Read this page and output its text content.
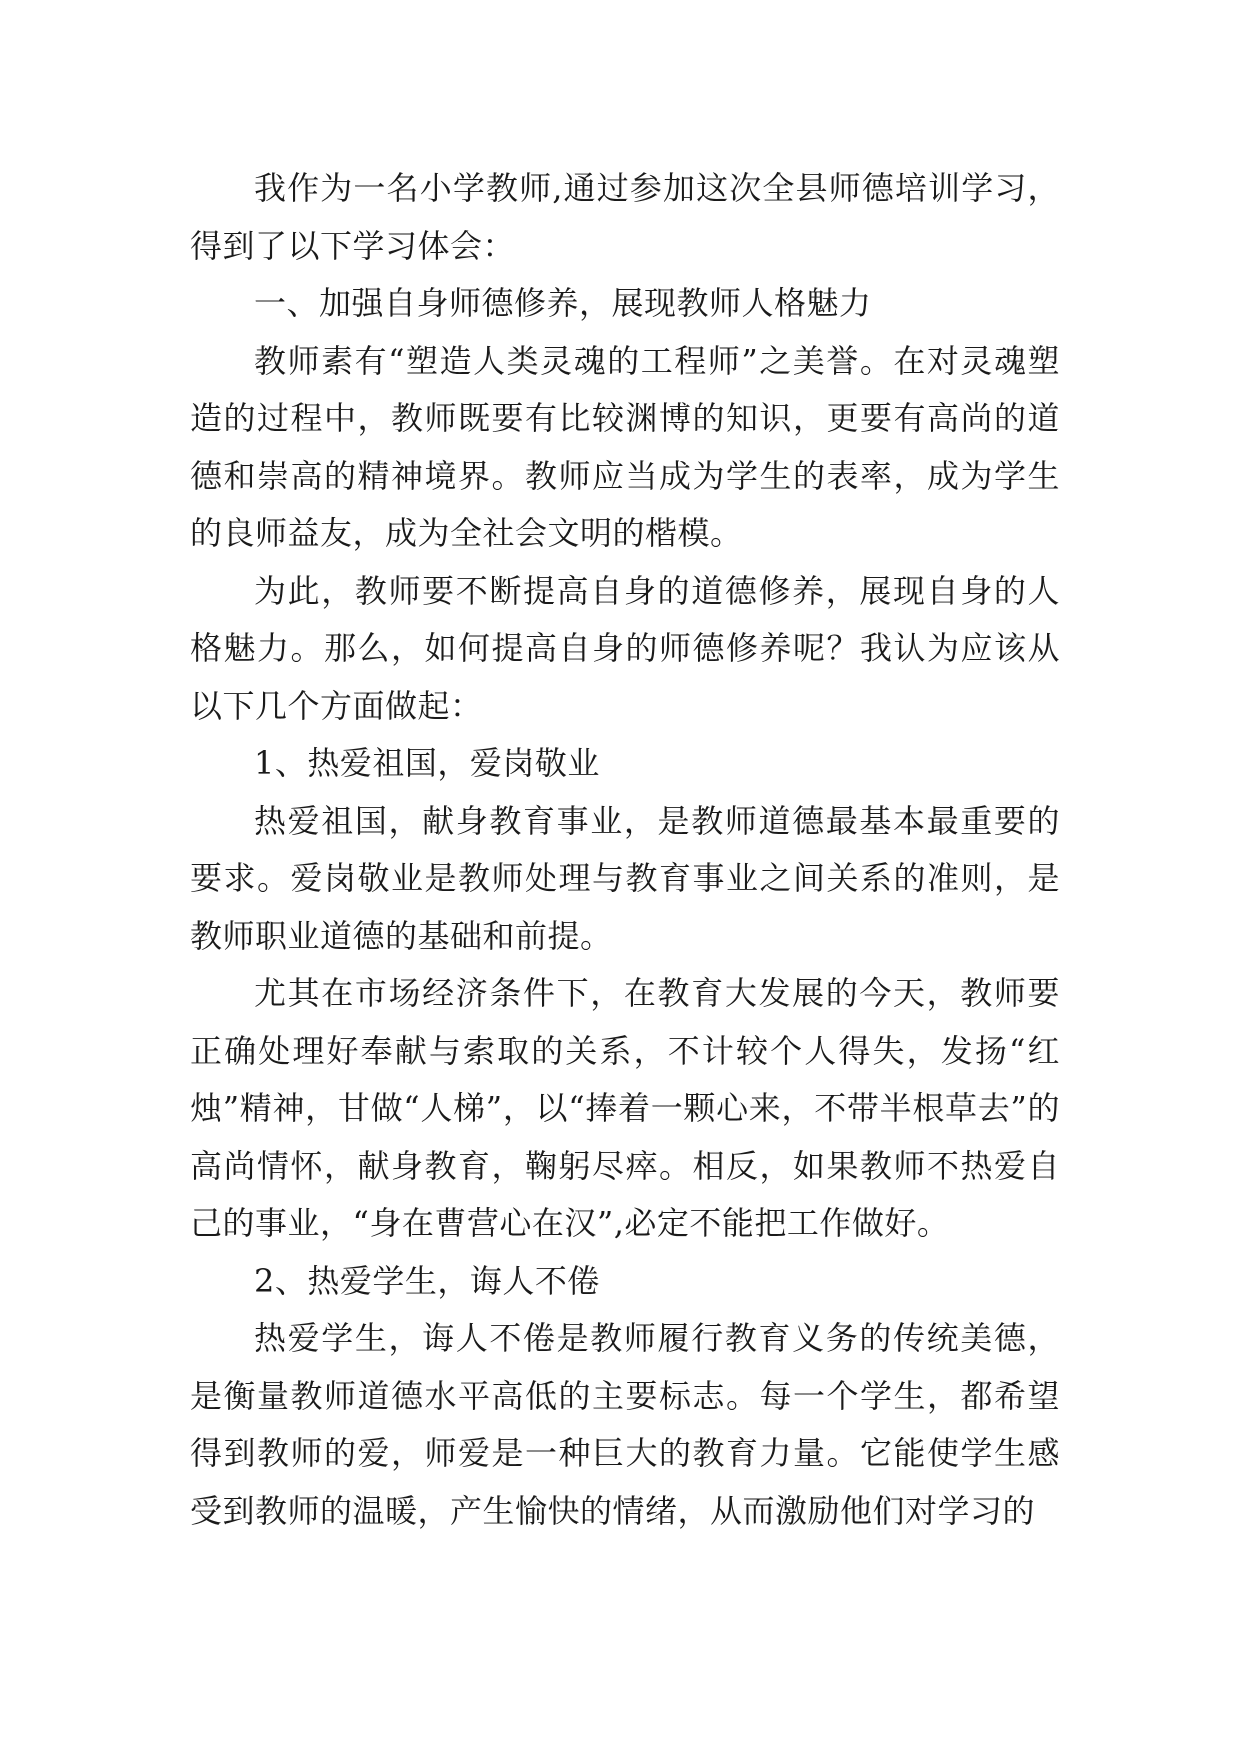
我作为一名小学教师,通过参加这次全县师德培训学习，得到了以下学习体会：

一、加强自身师德修养，展现教师人格魅力

教师素有“塑造人类灵魂的工程师”之美誉。在对灵魂塑造的过程中，教师既要有比较渊博的知识，更要有高尚的道德和崇高的精神境界。教师应当成为学生的表率，成为学生的良师益友，成为全社会文明的楷模。

为此，教师要不断提高自身的道德修养，展现自身的人格魅力。那么，如何提高自身的师德修养呢？我认为应该从以下几个方面做起：

1、热爱祖国，爱岗敬业

热爱祖国，献身教育事业，是教师道德最基本最重要的要求。爱岗敬业是教师处理与教育事业之间关系的准则，是教师职业道德的基础和前提。

尤其在市场经济条件下，在教育大发展的今天，教师要正确处理好奉献与索取的关系，不计较个人得失，发扬“红烛”精神，甘做“人梯”，以“捧着一颗心来，不带半根草去”的高尚情怀，献身教育，鞠躬尽瘁。相反，如果教师不热爱自己的事业，“身在曹营心在汉”,必定不能把工作做好。

2、热爱学生，诲人不倦

热爱学生，诲人不倦是教师履行教育义务的传统美德，是衡量教师道德水平高低的主要标志。每一个学生，都希望得到教师的爱，师爱是一种巨大的教育力量。它能使学生感受到教师的温暖，产生愉快的情绪，从而激励他们对学习的
